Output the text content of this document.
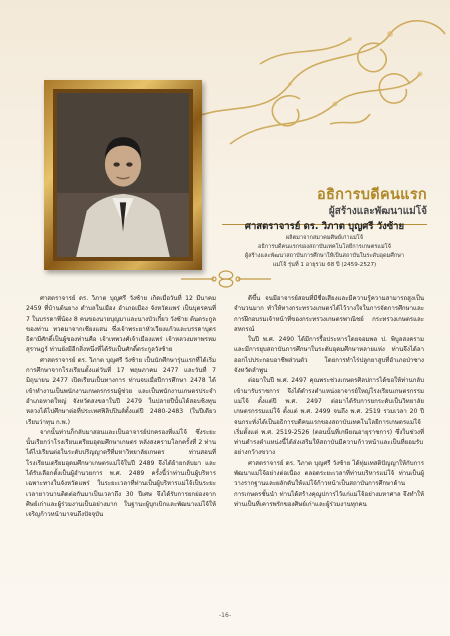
อธิการบดีคนแรก
ผู้สร้างและพัฒนาแม่โจ้
ศาสตราจารย์ ดร. วิภาต บุญศรี วังซ้าย
ผลิตมาจากสมาคมศิษย์เก่าแม่โจ้
อธิการบดีคนแรกของสถาบันเทคโนโลยีการเกษตรแม่โจ้
ผู้สร้างและพัฒนาสถาบันการศึกษาให้เป็นสถาบันในระดับอุดมศึกษา
แม่โจ้ รุ่นที่ 1 อายุรวม 68 ปี (2459-2527)

ศาสตราจารย์ ดร. วิภาต บุญศรี วังซ้าย เกิดเมื่อวันที่ 12 มีนาคม 2459 ที่บ้านต้นยาง ตำบลในเมือง อำเภอเมือง จังหวัดแพร่ เป็นบุตรคนที่ 7 ในบรรดาพี่น้อง 8 คนของนายบุญมาและนางบัวเกี๋ยว วังซ้าย ต้นตระกูลของท่าน ทวดมาจากเชียงแสน ซึ่งเจ้าพระยาหัวเวียงแก้วและบรรดาบุตรธิดามีศักดิ์เป็นผู้ของท่านคือ เจ้าเทพวงศ์เจ้าเมืองแพร่ เจ้าหลวงมหาพรหมสุราษฎร์ ท่านยังมีอีกสิ่งหนึ่งที่ได้รับเป็นศักดิ์ตระกูลวังซ้าย

ศาสตราจารย์ ดร. วิภาต บุญศรี วังซ้าย เป็นนักศึกษารุ่นแรกที่ได้เริ่มการศึกษาจากโรงเรียนตั้งแต่วันที่ 17 พฤษภาคม 2477 และวันที่ 7 มิถุนายน 2477 เปิดเรียนเป็นทางการ ท่านจบเมื่อปีการศึกษา 2478 ได้เข้าทำงานเป็นพนักงานเกษตรกรรมผู้ช่วย และเป็นพนักงานเกษตรประจำอำเภอหาดใหญ่ จังหวัดสงขลาในปี 2479 ในปลายปีนั้นได้สอบชิงทุนหลวงได้ไปศึกษาต่อที่ประเทศฟิลิปปินส์ตั้งแต่ปี 2480-2483 (ในปีเดียวเรียนว่าทุน ก.พ.)

จากนั้นท่านก็กลับมาสอนและเป็นอาจารย์ปกครองที่แม่โจ้ ซึ่งระยะนั้นเรียกว่าโรงเรียนเตรียมอุดมศึกษาเกษตร หลังสงครามโลกครั้งที่ 2 ท่านได้ไปเรียนต่อในระดับปริญญาตรีที่มหาวิทยาลัยเกษตร ท่านสอนที่โรงเรียนเตรียมอุดมศึกษาเกษตรแม่โจ้ในปี 2489 จึงได้ย้ายกลับมา และได้รับเลือกตั้งเป็นผู้อำนวยการ พ.ศ. 2489 ครั้งนี้ว่าท่านเป็นผู้บริหารเฉพาะทางในจังหวัดแพร่ ในระยะเวลาที่ท่านเป็นผู้บริหารแม่โจ้เป็นระยะเวลายาวนานติดต่อกันมาเป็นเวลาถึง 30 ปีเศษ จึงได้รับการยกย่องจากศิษย์เก่าและผู้ร่วมงานเป็นอย่างมาก ในฐานะผู้บุกเบิกและพัฒนาแม่โจ้ให้เจริญก้าวหน้ามาจนถึงปัจจุบัน

ดีขึ้น จนมีอาจารย์สอนที่มีชื่อเสียงและมีความรู้ความสามารถสูงเป็นจำนวนมาก ทำให้ทางกระทรวงเกษตรได้ไว้วางใจในการจัดการศึกษาและการฝึกอบรมเจ้าหน้าที่ของกระทรวงเกษตรพาณิชย์ กระทรวงเกษตรและสหกรณ์

ในปี พ.ศ. 2490 ได้มีการรื้อประหารโดยจอมพล ป. พิบูลสงคราม และมีการยุบสถาบันการศึกษาในระดับอุดมศึกษาหลายแห่ง ท่านจึงได้ลาออกไปประกอบอาชีพส่วนตัว โดยการทำไร่ปลูกยาสูบที่อำเภอป่าซาง จังหวัดลำพูน

ต่อมาในปี พ.ศ. 2497 คุณพระช่วงเกษตรศิลปการได้ขอให้ท่านกลับเข้ามารับราชการ จึงได้ดำรงตำแหน่งอาจารย์ใหญ่โรงเรียนเกษตรกรรมแม่โจ้ ตั้งแต่ปี พ.ศ. 2497 ต่อมาได้รับการยกระดับเป็นวิทยาลัยเกษตรกรรมแม่โจ้ ตั้งแต่ พ.ศ. 2499 จนถึง พ.ศ. 2519 รวมเวลา 20 ปี จนกระทั่งได้เป็นอธิการบดีคนแรกของสถาบันเทคโนโลยีการเกษตรแม่โจ้ เริ่มตั้งแต่ พ.ศ. 2519-2526 (ตอนนั้นที่เกษียณอายุราชการ) ซึ่งในช่วงที่ท่านดำรงตำแหน่งนี้ได้ส่งเสริมให้สถาบันมีความก้าวหน้าและเป็นที่ยอมรับอย่างกว้างขวาง

ศาสตราจารย์ ดร. วิภาต บุญศรี วังซ้าย ได้ทุ่มเทสติปัญญาให้กับการพัฒนาแม่โจ้อย่างต่อเนื่อง ตลอดระยะเวลาที่ท่านบริหารแม่โจ้ ท่านเป็นผู้วางรากฐานและผลักดันให้แม่โจ้ก้าวหน้าเป็นสถาบันการศึกษาด้านการเกษตรชั้นนำ ท่านได้สร้างคุณูปการไว้แก่แม่โจ้อย่างมหาศาล จึงทำให้ท่านเป็นที่เคารพรักของศิษย์เก่าและผู้ร่วมงานทุกคน

-16-
